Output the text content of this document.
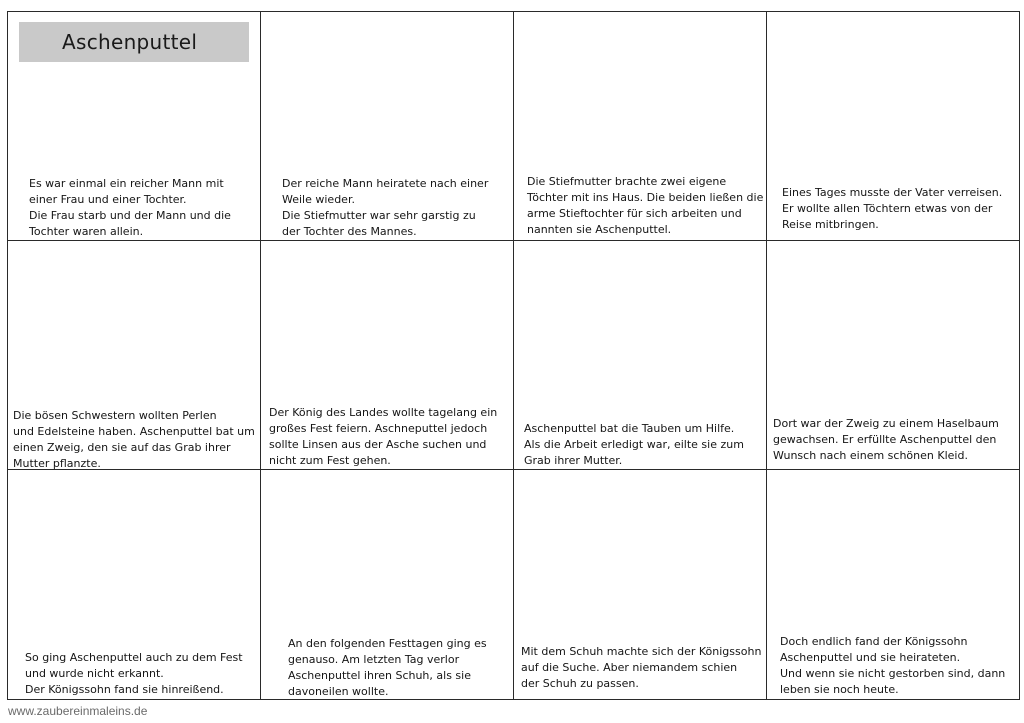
Aschenputtel
Es war einmal ein reicher Mann mit
einer Frau und einer Tochter.
Die Frau starb und der Mann und die
Tochter waren allein.
Der reiche Mann heiratete nach einer
Weile wieder.
Die Stiefmutter war sehr garstig zu
der Tochter des Mannes.
Die Stiefmutter brachte zwei eigene
Töchter mit ins Haus. Die beiden ließen die
arme Stieftochter für sich arbeiten und
nannten sie Aschenputtel.
Eines Tages musste der Vater verreisen.
Er wollte allen Töchtern etwas von der
Reise mitbringen.
Die bösen Schwestern wollten Perlen
und Edelsteine haben. Aschenputtel bat um
einen Zweig, den sie auf das Grab ihrer
Mutter pflanzte.
Der König des Landes wollte tagelang ein
großes Fest feiern. Aschneputtel jedoch
sollte Linsen aus der Asche suchen und
nicht zum Fest gehen.
Aschenputtel bat die Tauben um Hilfe.
Als die Arbeit erledigt war, eilte sie zum
Grab ihrer Mutter.
Dort war der Zweig zu einem Haselbaum
gewachsen. Er erfüllte Aschenputtel den
Wunsch nach einem schönen Kleid.
So ging Aschenputtel auch zu dem Fest
und wurde nicht erkannt.
Der Königssohn fand sie hinreißend.
An den folgenden Festtagen ging es
genauso. Am letzten Tag verlor
Aschenputtel ihren Schuh, als sie
davoneilen wollte.
Mit dem Schuh machte sich der Königssohn
auf die Suche. Aber niemandem schien
der Schuh zu passen.
Doch endlich fand der Königssohn
Aschenputtel und sie heirateten.
Und wenn sie nicht gestorben sind, dann
leben sie noch heute.
www.zaubereinmaleins.de
